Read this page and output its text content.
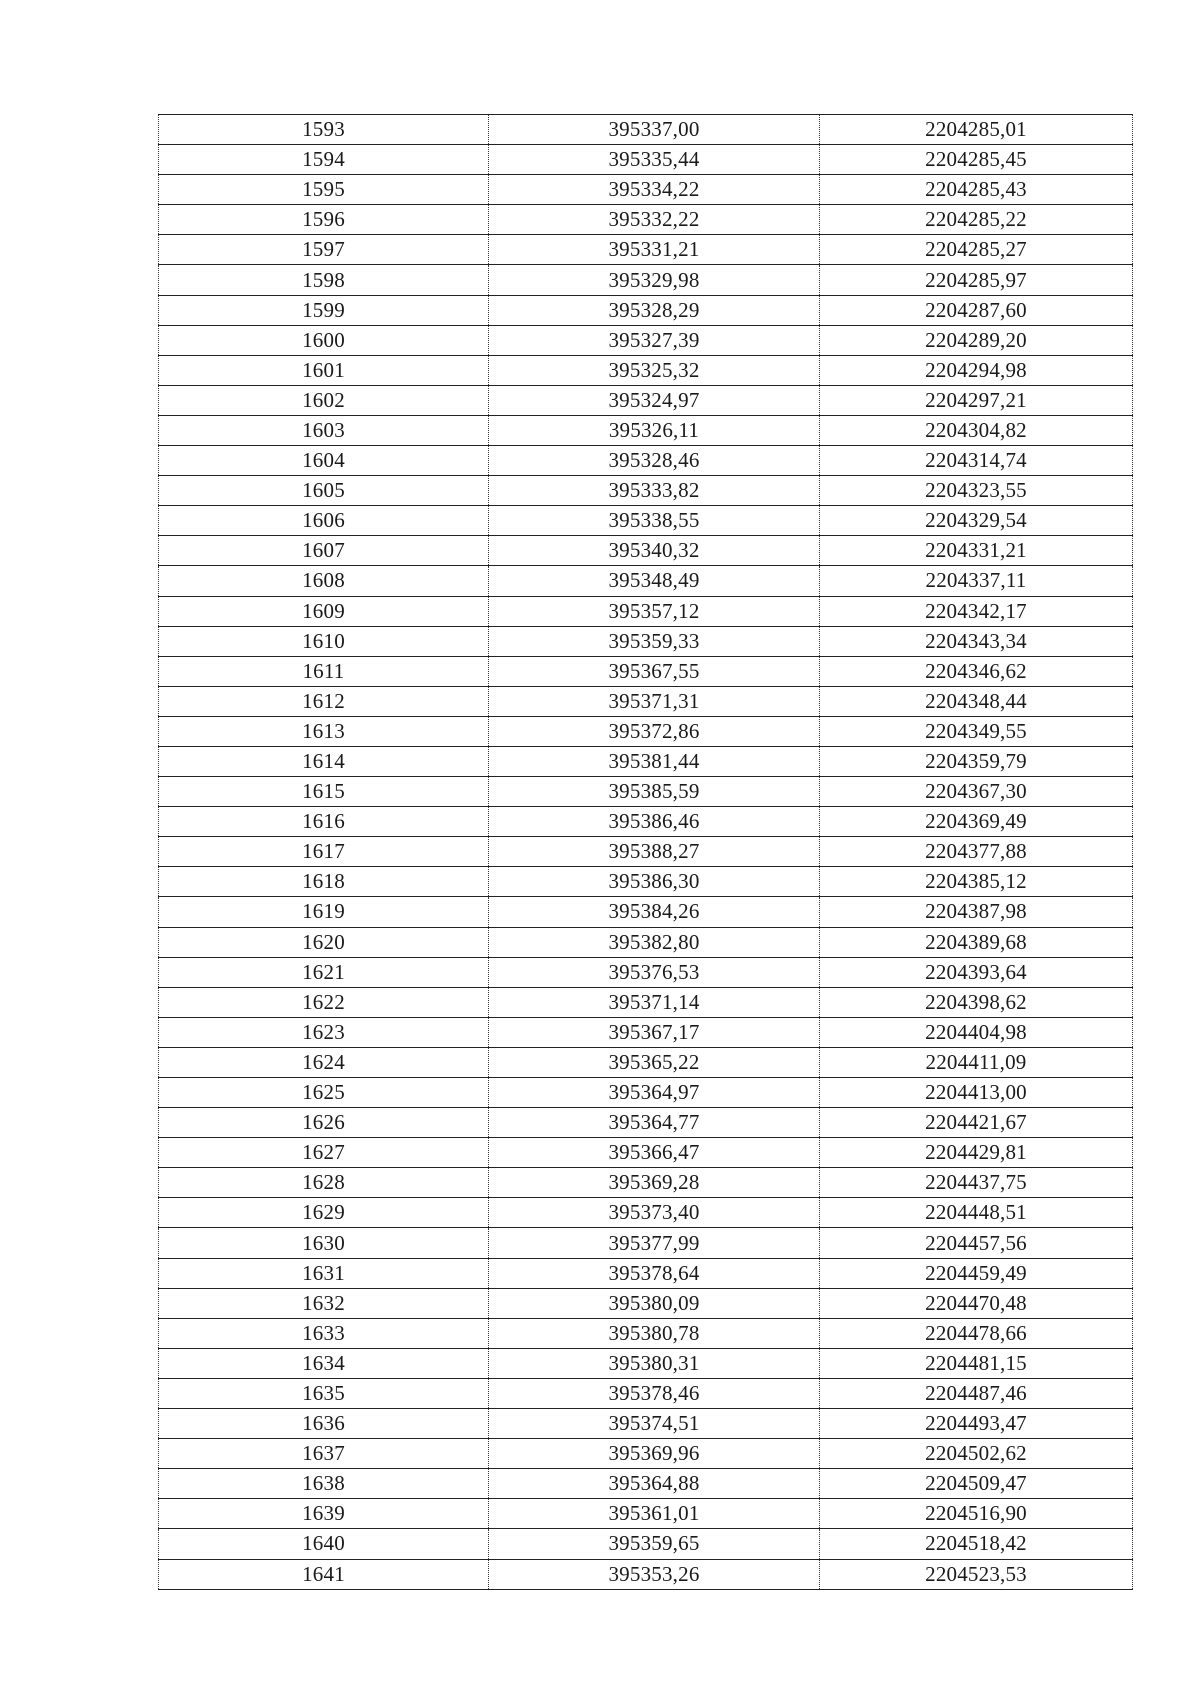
1593	395337,00	2204285,01
1594	395335,44	2204285,45
1595	395334,22	2204285,43
1596	395332,22	2204285,22
1597	395331,21	2204285,27
1598	395329,98	2204285,97
1599	395328,29	2204287,60
1600	395327,39	2204289,20
1601	395325,32	2204294,98
1602	395324,97	2204297,21
1603	395326,11	2204304,82
1604	395328,46	2204314,74
1605	395333,82	2204323,55
1606	395338,55	2204329,54
1607	395340,32	2204331,21
1608	395348,49	2204337,11
1609	395357,12	2204342,17
1610	395359,33	2204343,34
1611	395367,55	2204346,62
1612	395371,31	2204348,44
1613	395372,86	2204349,55
1614	395381,44	2204359,79
1615	395385,59	2204367,30
1616	395386,46	2204369,49
1617	395388,27	2204377,88
1618	395386,30	2204385,12
1619	395384,26	2204387,98
1620	395382,80	2204389,68
1621	395376,53	2204393,64
1622	395371,14	2204398,62
1623	395367,17	2204404,98
1624	395365,22	2204411,09
1625	395364,97	2204413,00
1626	395364,77	2204421,67
1627	395366,47	2204429,81
1628	395369,28	2204437,75
1629	395373,40	2204448,51
1630	395377,99	2204457,56
1631	395378,64	2204459,49
1632	395380,09	2204470,48
1633	395380,78	2204478,66
1634	395380,31	2204481,15
1635	395378,46	2204487,46
1636	395374,51	2204493,47
1637	395369,96	2204502,62
1638	395364,88	2204509,47
1639	395361,01	2204516,90
1640	395359,65	2204518,42
1641	395353,26	2204523,53
